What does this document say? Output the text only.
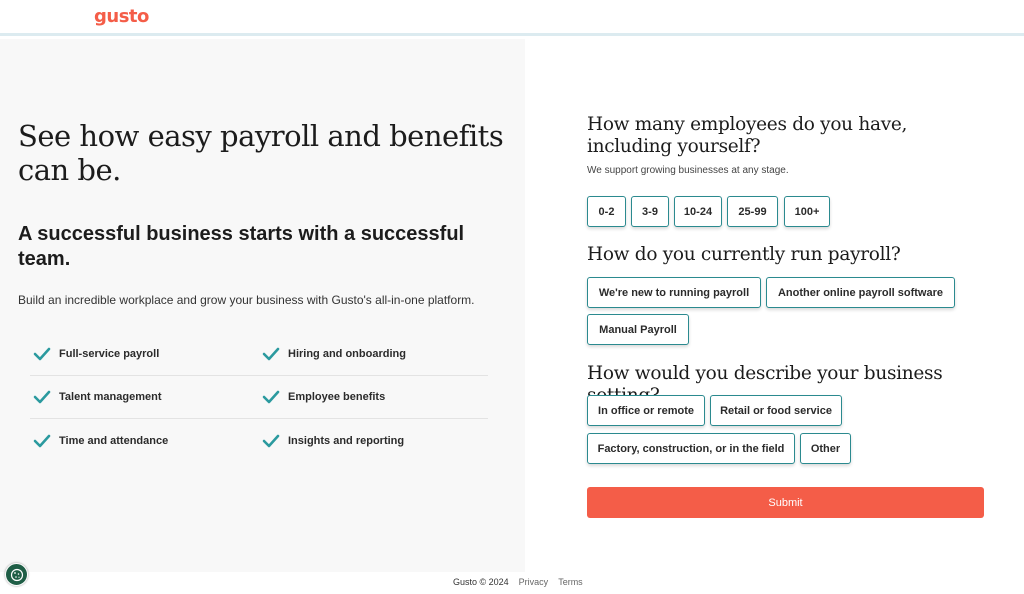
gusto
See how easy payroll and benefits can be.
A successful business starts with a successful team.

Build an incredible workplace and grow your business with Gusto's all-in-one platform.

Full-service payroll	Hiring and onboarding
Talent management	Employee benefits
Time and attendance	Insights and reporting
How many employees do you have, including yourself?
We support growing businesses at any stage.
0-2	3-9	10-24	25-99	100+
How do you currently run payroll?
We're new to running payroll	Another online payroll software
Manual Payroll
How would you describe your business
In office or remote	Retail or food service
Factory, construction, or in the field	Other
Submit
Gusto © 2024 Privacy Terms
